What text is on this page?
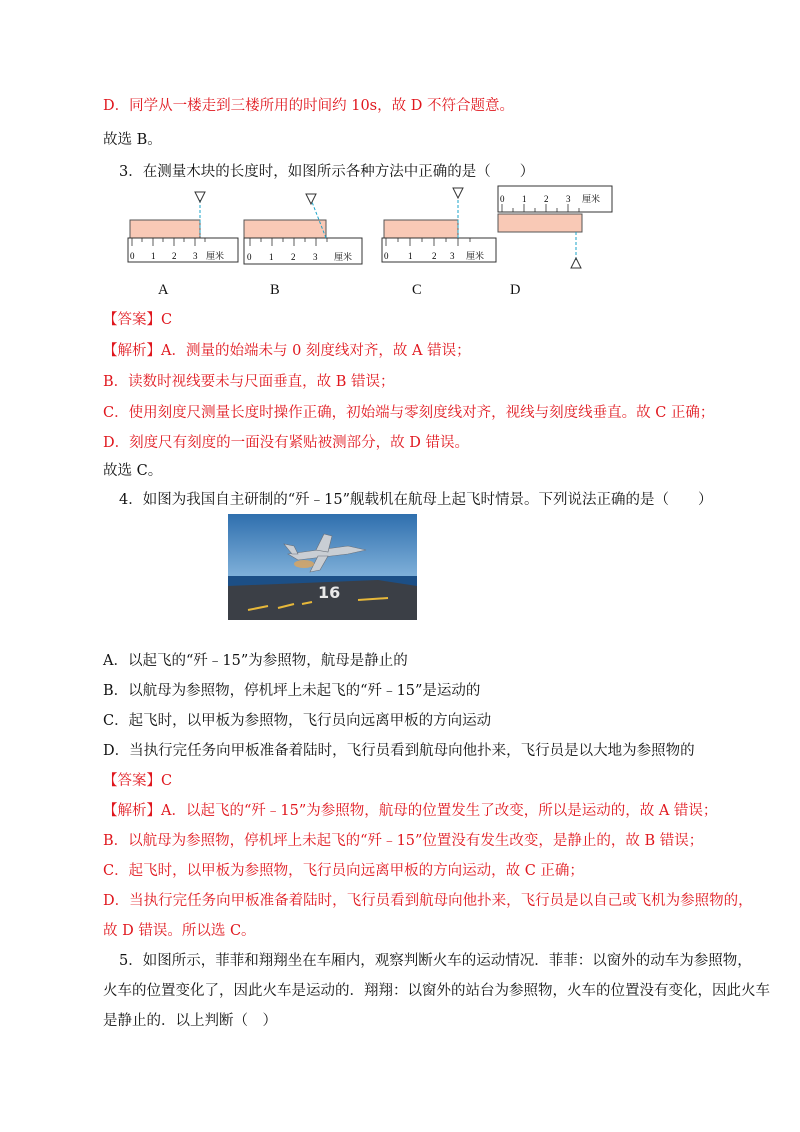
D．同学从一楼走到三楼所用的时间约 10s，故 D 不符合题意。
故选 B。
3．在测量木块的长度时，如图所示各种方法中正确的是（　　）
0 1 2 3 厘米	0 1 2 3 厘米	0 1 2 3 厘米
0 1 2 3 厘米
A	B	C	D
【答案】C
【解析】A．测量的始端未与 0 刻度线对齐，故 A 错误；
B．读数时视线要未与尺面垂直，故 B 错误；
C．使用刻度尺测量长度时操作正确，初始端与零刻度线对齐，视线与刻度线垂直。故 C 正确；
D．刻度尺有刻度的一面没有紧贴被测部分，故 D 错误。
故选 C。
4．如图为我国自主研制的“歼﹣15”舰载机在航母上起飞时情景。下列说法正确的是（　　）
16
A．以起飞的“歼﹣15”为参照物，航母是静止的
B．以航母为参照物，停机坪上未起飞的“歼﹣15”是运动的
C．起飞时，以甲板为参照物，飞行员向远离甲板的方向运动
D．当执行完任务向甲板准备着陆时，飞行员看到航母向他扑来，飞行员是以大地为参照物的
【答案】C
【解析】A．以起飞的“歼﹣15”为参照物，航母的位置发生了改变，所以是运动的，故 A 错误；
B．以航母为参照物，停机坪上未起飞的“歼﹣15”位置没有发生改变，是静止的，故 B 错误；
C．起飞时，以甲板为参照物，飞行员向远离甲板的方向运动，故 C 正确；
D．当执行完任务向甲板准备着陆时，飞行员看到航母向他扑来，飞行员是以自己或飞机为参照物的，
故 D 错误。所以选 C。
5．如图所示，菲菲和翔翔坐在车厢内，观察判断火车的运动情况．菲菲：以窗外的动车为参照物，
火车的位置变化了，因此火车是运动的．翔翔：以窗外的站台为参照物，火车的位置没有变化，因此火车
是静止的．以上判断（　）
